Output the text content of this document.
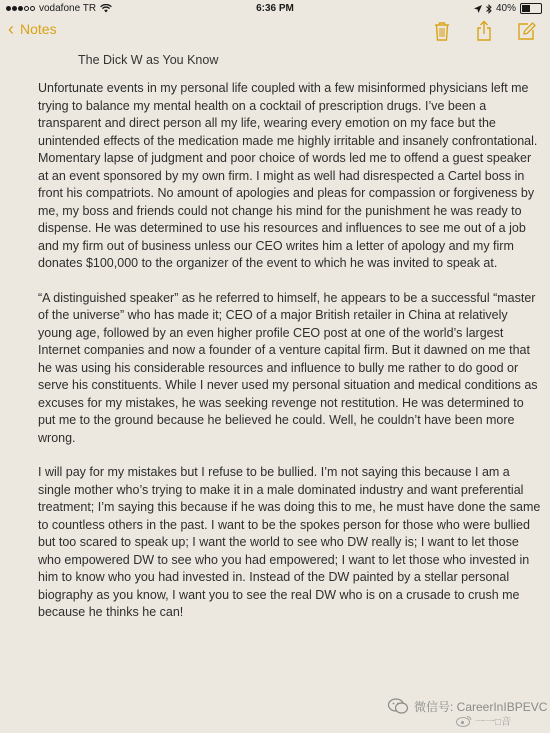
vodafone TR	6:36 PM	40%
‹ Notes
The Dick W as You Know

Unfortunate events in my personal life coupled with a few misinformed physicians left me trying to balance my mental health on a cocktail of prescription drugs. I’ve been a transparent and direct person all my life, wearing every emotion on my face but the unintended effects of the medication made me highly irritable and insanely confrontational. Momentary lapse of judgment and poor choice of words led me to offend a guest speaker at an event sponsored by my own firm. I might as well had disrespected a Cartel boss in front his compatriots. No amount of apologies and pleas for compassion or forgiveness by me, my boss and friends could not change his mind for the punishment he was ready to dispense. He was determined to use his resources and influences to see me out of a job and my firm out of business unless our CEO writes him a letter of apology and my firm donates $100,000 to the organizer of the event to which he was invited to speak at.

“A distinguished speaker” as he referred to himself, he appears to be a successful “master of the universe” who has made it; CEO of a major British retailer in China at relatively young age, followed by an even higher profile CEO post at one of the world’s largest Internet companies and now a founder of a venture capital firm. But it dawned on me that he was using his considerable resources and influence to bully me rather to do good or serve his constituents. While I never used my personal situation and medical conditions as excuses for my mistakes, he was seeking revenge not restitution. He was determined to put me to the ground because he believed he could. Well, he couldn’t have been more wrong.

I will pay for my mistakes but I refuse to be bullied. I’m not saying this because I am a single mother who’s trying to make it in a male dominated industry and want preferential treatment; I’m saying this because if he was doing this to me, he must have done the same to countless others in the past. I want to be the spokes person for those who were bullied but too scared to speak up; I want the world to see who DW really is; I want to let those who empowered DW to see who you had empowered; I want to let those who invested in him to know who you had invested in. Instead of the DW painted by a stellar personal biography as you know, I want you to see the real DW who is on a crusade to crush me because he thinks he can!

微信号: CareerInIBPEVC
一一□音
